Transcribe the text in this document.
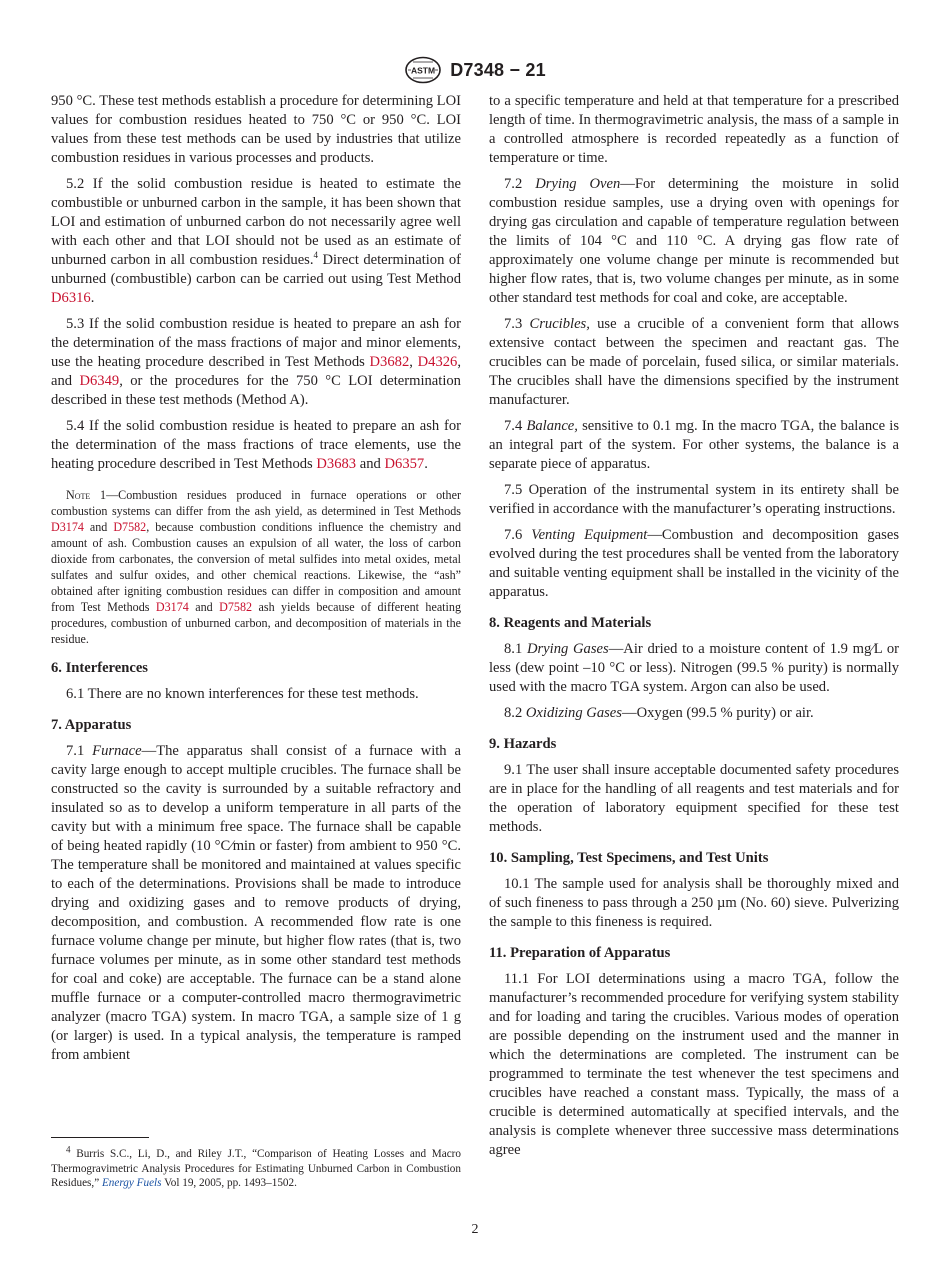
ASTM D7348 − 21

950 °C. These test methods establish a procedure for determining LOI values for combustion residues heated to 750 °C or 950 °C. LOI values from these test methods can be used by industries that utilize combustion residues in various processes and products.

5.2 If the solid combustion residue is heated to estimate the combustible or unburned carbon in the sample, it has been shown that LOI and estimation of unburned carbon do not necessarily agree well with each other and that LOI should not be used as an estimate of unburned carbon in all combustion residues.$^4$ Direct determination of unburned (combustible) carbon can be carried out using Test Method D6316.

5.3 If the solid combustion residue is heated to prepare an ash for the determination of the mass fractions of major and minor elements, use the heating procedure described in Test Methods D3682, D4326, and D6349, or the procedures for the 750 °C LOI determination described in these test methods (Method A).

5.4 If the solid combustion residue is heated to prepare an ash for the determination of the mass fractions of trace elements, use the heating procedure described in Test Methods D3683 and D6357.

Note 1—Combustion residues produced in furnace operations or other combustion systems can differ from the ash yield, as determined in Test Methods D3174 and D7582, because combustion conditions influence the chemistry and amount of ash. Combustion causes an expulsion of all water, the loss of carbon dioxide from carbonates, the conversion of metal sulfides into metal oxides, metal sulfates and sulfur oxides, and other chemical reactions. Likewise, the “ash” obtained after igniting combustion residues can differ in composition and amount from Test Methods D3174 and D7582 ash yields because of different heating procedures, combustion of unburned carbon, and decomposition of materials in the residue.

6. Interferences

6.1 There are no known interferences for these test methods.

7. Apparatus

7.1 Furnace—The apparatus shall consist of a furnace with a cavity large enough to accept multiple crucibles. The furnace shall be constructed so the cavity is surrounded by a suitable refractory and insulated so as to develop a uniform temperature in all parts of the cavity but with a minimum free space. The furnace shall be capable of being heated rapidly (10 °C⁄min or faster) from ambient to 950 °C. The temperature shall be monitored and maintained at values specific to each of the determinations. Provisions shall be made to introduce drying and oxidizing gases and to remove products of drying, decomposition, and combustion. A recommended flow rate is one furnace volume change per minute, but higher flow rates (that is, two furnace volumes per minute, as in some other standard test methods for coal and coke) are acceptable. The furnace can be a stand alone muffle furnace or a computer-controlled macro thermogravimetric analyzer (macro TGA) system. In macro TGA, a sample size of 1 g (or larger) is used. In a typical analysis, the temperature is ramped from ambient

to a specific temperature and held at that temperature for a prescribed length of time. In thermogravimetric analysis, the mass of a sample in a controlled atmosphere is recorded repeatedly as a function of temperature or time.

7.2 Drying Oven—For determining the moisture in solid combustion residue samples, use a drying oven with openings for drying gas circulation and capable of temperature regulation between the limits of 104 °C and 110 °C. A drying gas flow rate of approximately one volume change per minute is recommended but higher flow rates, that is, two volume changes per minute, as in some other standard test methods for coal and coke, are acceptable.

7.3 Crucibles, use a crucible of a convenient form that allows extensive contact between the specimen and reactant gas. The crucibles can be made of porcelain, fused silica, or similar materials. The crucibles shall have the dimensions specified by the instrument manufacturer.

7.4 Balance, sensitive to 0.1 mg. In the macro TGA, the balance is an integral part of the system. For other systems, the balance is a separate piece of apparatus.

7.5 Operation of the instrumental system in its entirety shall be verified in accordance with the manufacturer’s operating instructions.

7.6 Venting Equipment—Combustion and decomposition gases evolved during the test procedures shall be vented from the laboratory and suitable venting equipment shall be installed in the vicinity of the apparatus.

8. Reagents and Materials

8.1 Drying Gases—Air dried to a moisture content of 1.9 mg⁄L or less (dew point –10 °C or less). Nitrogen (99.5 % purity) is normally used with the macro TGA system. Argon can also be used.

8.2 Oxidizing Gases—Oxygen (99.5 % purity) or air.

9. Hazards

9.1 The user shall insure acceptable documented safety procedures are in place for the handling of all reagents and test materials and for the operation of laboratory equipment specified for these test methods.

10. Sampling, Test Specimens, and Test Units

10.1 The sample used for analysis shall be thoroughly mixed and of such fineness to pass through a 250 µm (No. 60) sieve. Pulverizing the sample to this fineness is required.

11. Preparation of Apparatus

11.1 For LOI determinations using a macro TGA, follow the manufacturer’s recommended procedure for verifying system stability and for loading and taring the crucibles. Various modes of operation are possible depending on the instrument used and the manner in which the determinations are completed. The instrument can be programmed to terminate the test whenever the test specimens and crucibles have reached a constant mass. Typically, the mass of a crucible is determined automatically at specified intervals, and the analysis is complete whenever three successive mass determinations agree

$^4$ Burris S.C., Li, D., and Riley J.T., “Comparison of Heating Losses and Macro Thermogravimetric Analysis Procedures for Estimating Unburned Carbon in Combustion Residues,” Energy Fuels Vol 19, 2005, pp. 1493–1502.
2
